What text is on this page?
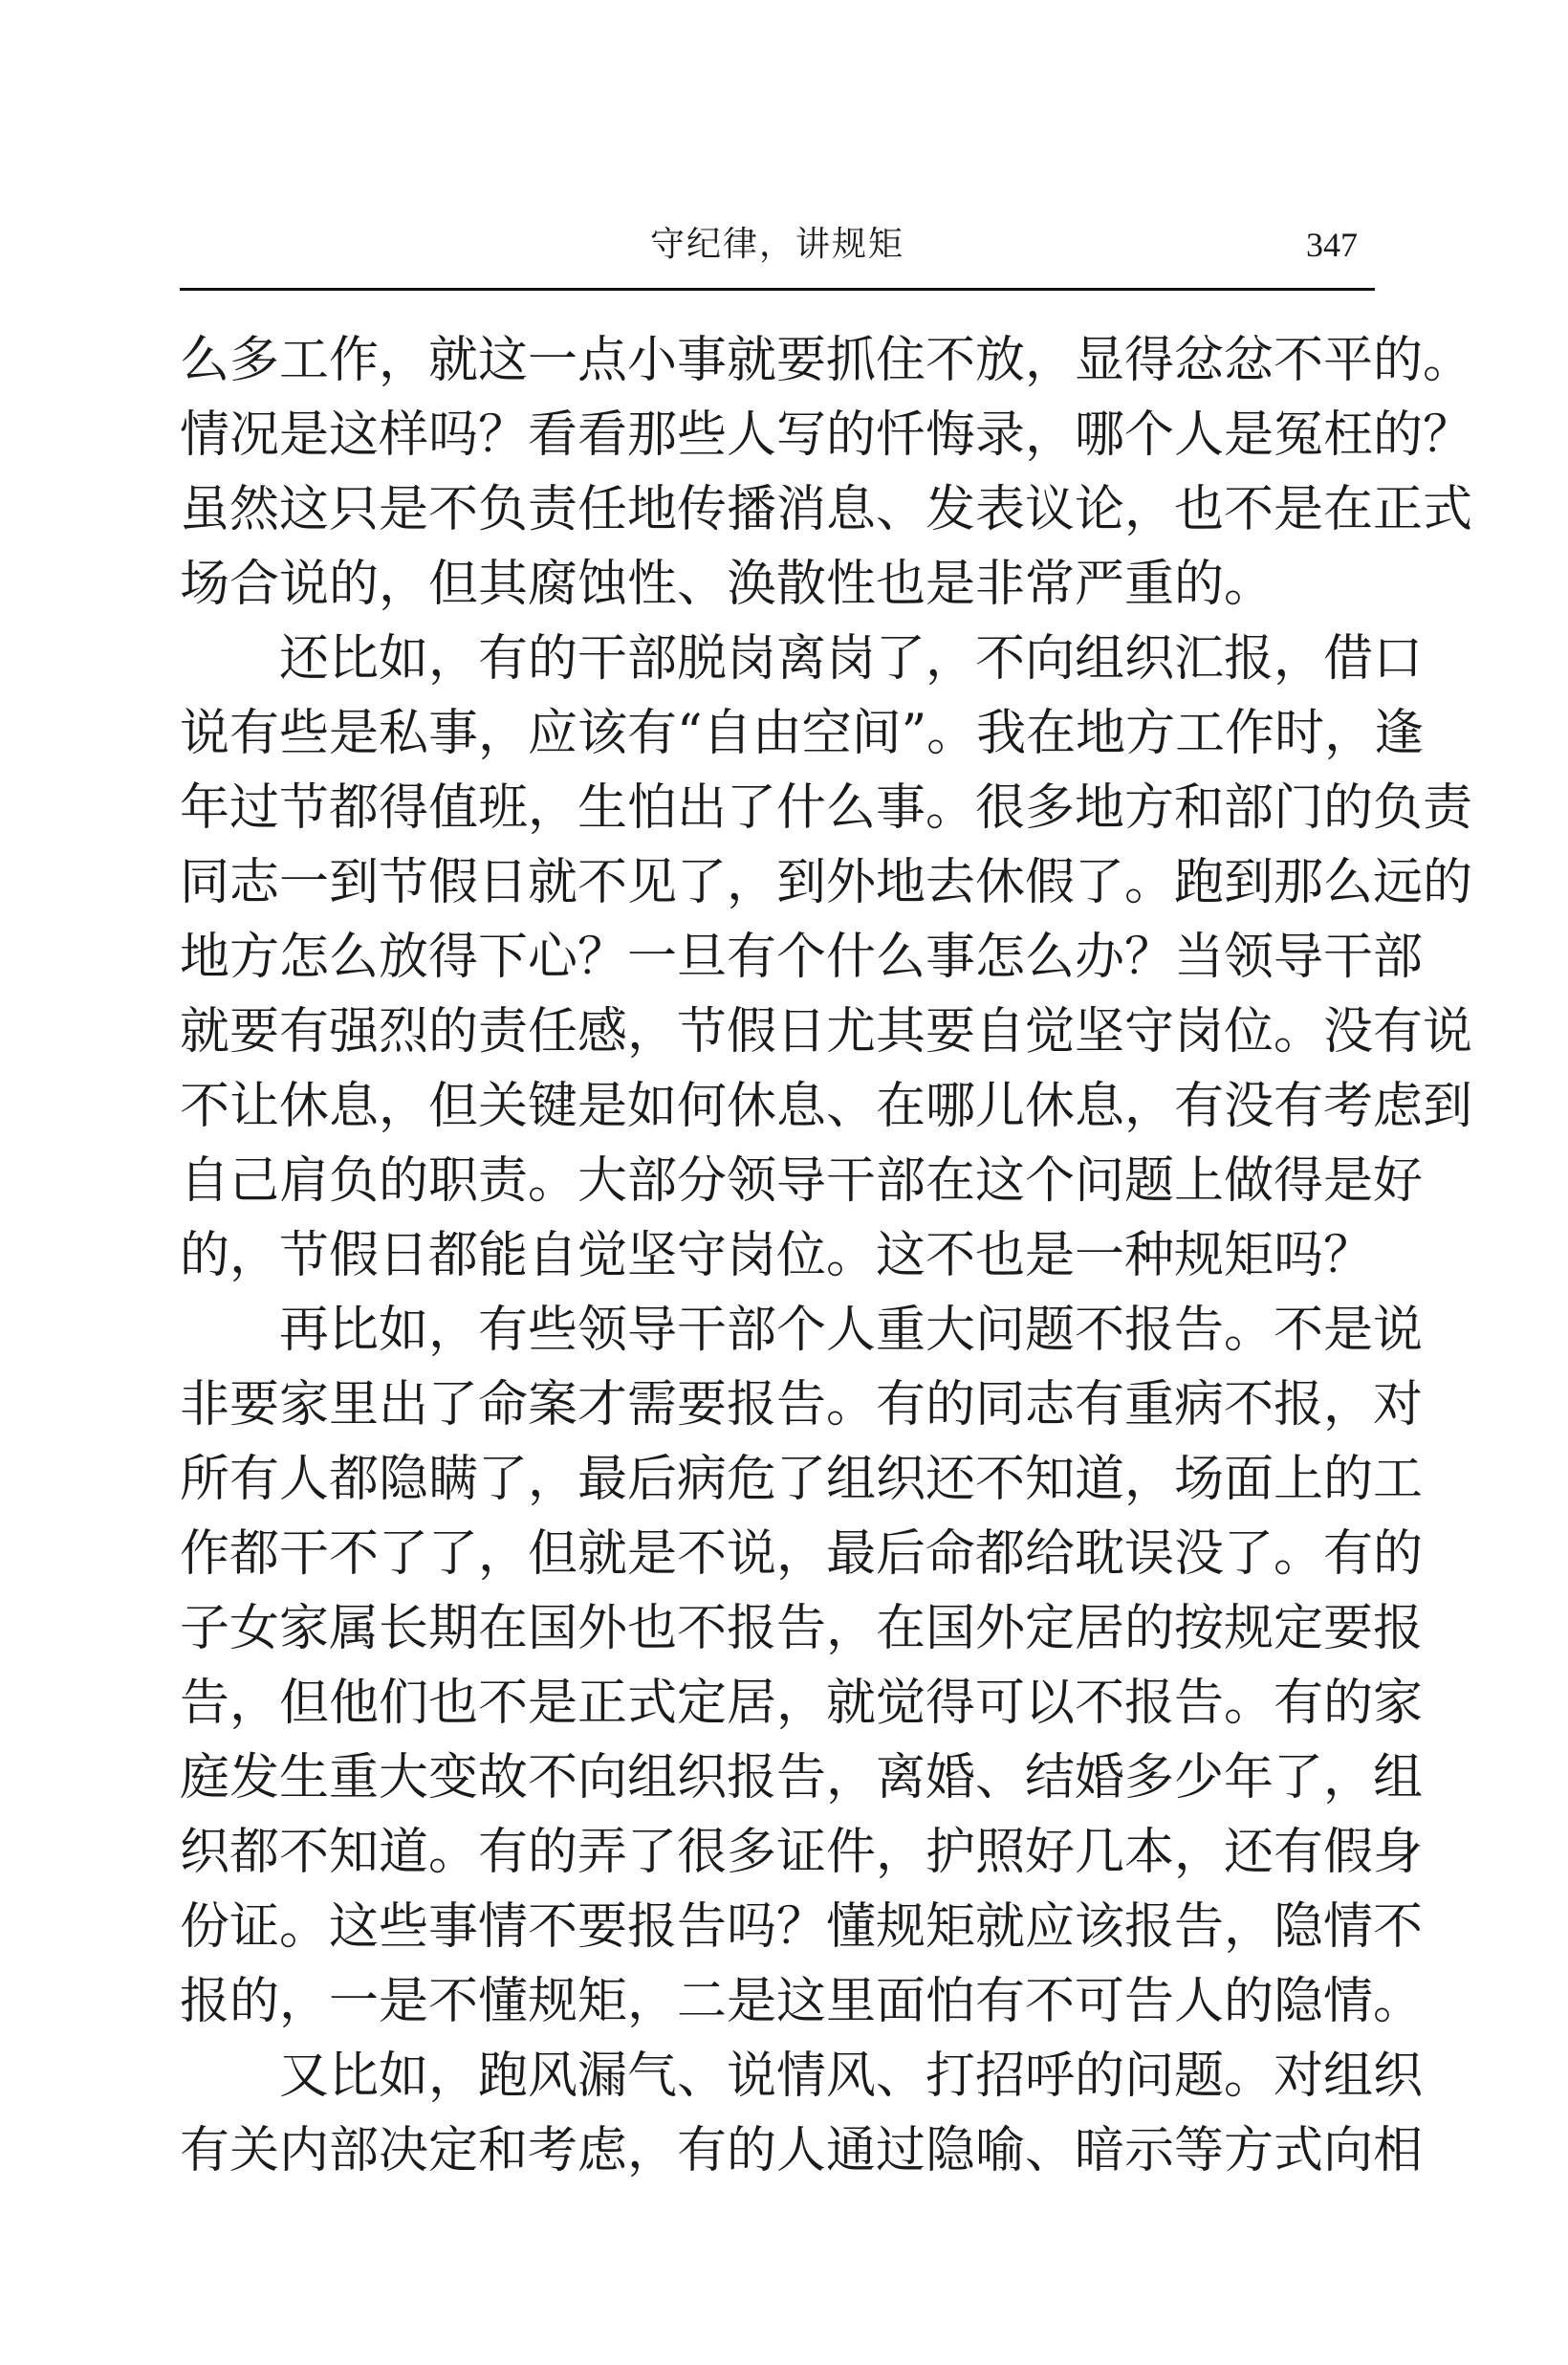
守纪律，讲规矩	347
么多工作，就这一点小事就要抓住不放，显得忿忿不平的。
情况是这样吗？看看那些人写的忏悔录，哪个人是冤枉的？
虽然这只是不负责任地传播消息、发表议论，也不是在正式
场合说的，但其腐蚀性、涣散性也是非常严重的。
还比如，有的干部脱岗离岗了，不向组织汇报，借口
说有些是私事，应该有“自由空间”。我在地方工作时，逢
年过节都得值班，生怕出了什么事。很多地方和部门的负责
同志一到节假日就不见了，到外地去休假了。跑到那么远的
地方怎么放得下心？一旦有个什么事怎么办？当领导干部
就要有强烈的责任感，节假日尤其要自觉坚守岗位。没有说
不让休息，但关键是如何休息、在哪儿休息，有没有考虑到
自己肩负的职责。大部分领导干部在这个问题上做得是好
的，节假日都能自觉坚守岗位。这不也是一种规矩吗？
再比如，有些领导干部个人重大问题不报告。不是说
非要家里出了命案才需要报告。有的同志有重病不报，对
所有人都隐瞒了，最后病危了组织还不知道，场面上的工
作都干不了了，但就是不说，最后命都给耽误没了。有的
子女家属长期在国外也不报告，在国外定居的按规定要报
告，但他们也不是正式定居，就觉得可以不报告。有的家
庭发生重大变故不向组织报告，离婚、结婚多少年了，组
织都不知道。有的弄了很多证件，护照好几本，还有假身
份证。这些事情不要报告吗？懂规矩就应该报告，隐情不
报的，一是不懂规矩，二是这里面怕有不可告人的隐情。
又比如，跑风漏气、说情风、打招呼的问题。对组织
有关内部决定和考虑，有的人通过隐喻、暗示等方式向相
